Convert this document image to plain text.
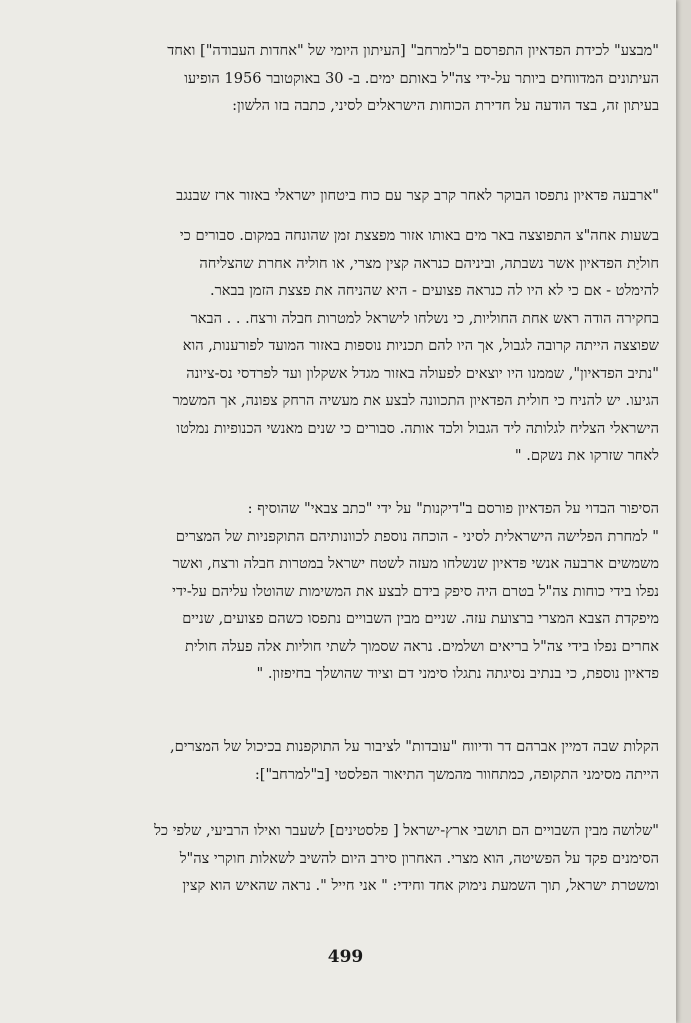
"מבצע" לכידת הפדאיון התפרסם ב"למרחב" [העיתון היומי של "אחדות העבודה"] ואחד
העיתונים המדווחים ביותר על-ידי צה"ל באותם ימים. ב- 30 באוקטובר 1956 הופיעו
בעיתון זה, בצד הודעה על חדירת הכוחות הישראלים לסיני, כתבה בזו הלשון:
"ארבעה פדאיון נתפסו הבוקר לאחר קרב קצר עם כוח ביטחון ישראלי באזור ארז שבנגב
בשעות אחה"צ התפוצצה באר מים באותו אזור מפצצת זמן שהונחה במקום. סבורים כי
חוליַת הפדאיון אשר נשבתה, וביניהם כנראה קצין מצרי, או חוליה אחרת שהצליחה
להימלט - אם כי לא היו לה כנראה פצועים - היא שהניחה את פצצת הזמן בבאר.
בחקירה הודה ראש אחת החוליות, כי נשלחו לישראל למטרות חבלה ורצח. . . הבאר
שפוצצה הייתה קרובה לגבול, אך היו להם תכניות נוספות באזור המועד לפורענות, הוא
"נתיב הפדאיון", שממנו היו יוצאים לפעולה באזור מגדל אשקלון ועד לפרדסי נס-ציונה
הגיעו. יש להניח כי חולית הפדאיון התכוונה לבצע את מעשיה הרחק צפונה, אך המשמר
הישראלי הצליח לגלותה ליד הגבול ולכד אותה. סבורים כי שנים מאנשי הכנופיות נמלטו
לאחר שזרקו את נשקם. "
הסיפור הבדוי על הפדאיון פורסם ב"דיקנות" על ידי "כתב צבאי" שהוסיף :
" למחרת הפלישה הישראלית לסיני - הוכחה נוספת לכוונותיהם התוקפניות של המצרים
משמשים ארבעה אנשי פדאיון שנשלחו מעזה לשטח ישראל במטרות חבלה ורצח, ואשר
נפלו בידי כוחות צה"ל בטרם היה סיפק בידם לבצע את המשימות שהוטלו עליהם על-ידי
מיפקדת הצבא המצרי ברצועת עזה. שניים מבין השבויים נתפסו כשהם פצועים, שניים
אחרים נפלו בידי צה"ל בריאים ושלמים. נראה שסמוך לשתי חוליות אלה פעלה חולית
פדאיון נוספת, כי בנתיב נסיגתה נתגלו סימני דם וציוד שהושלך בחיפזון. "
הקלות שבה דמיין אברהם דר ודיווח "עובדות" לציבור על התוקפנות בכיכול של המצרים,
הייתה מסימני התקופה, כמתחוור מהמשך התיאור הפלסטי [ב"למרחב"]:
"שלושה מבין השבויים הם תושבי ארץ-ישראל [ פלסטינים] לשעבר ואילו הרביעי, שלפי כל
הסימנים פקד על הפשיטה, הוא מצרי. האחרון סירב היום להשיב לשאלות חוקרי צה"ל
ומשטרת ישראל, תוך השמעת נימוק אחד וחידי: " אני חייל ". נראה שהאיש הוא קצין
499
